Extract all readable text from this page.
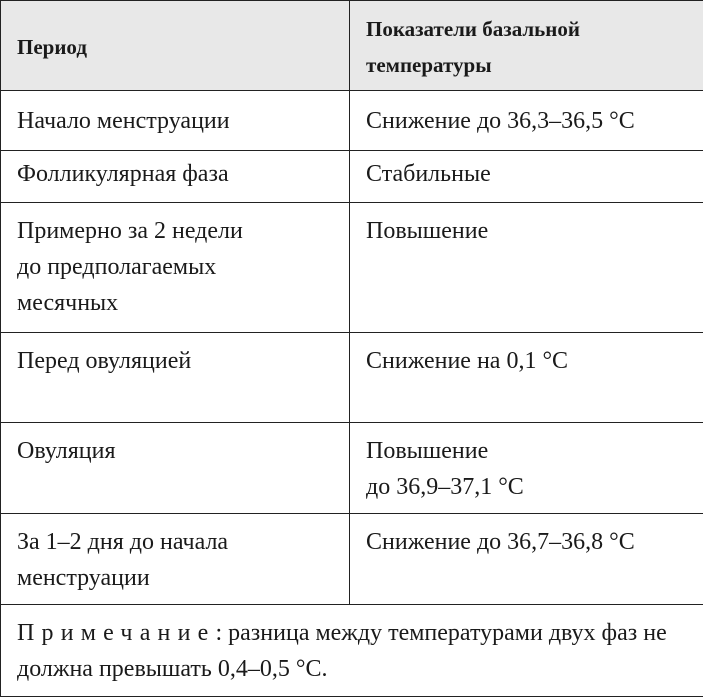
Период	Показатели базальной
температуры

Начало менструации	Снижение до 36,3–36,5 °С

Фолликулярная фаза	Стабильные

Примерно за 2 недели
до предполагаемых
месячных	Повышение

Перед овуляцией	Снижение на 0,1 °С

Овуляция	Повышение
до 36,9–37,1 °С

За 1–2 дня до начала
менструации	Снижение до 36,7–36,8 °С

Примечание: разница между температурами двух фаз не должна превышать 0,4–0,5 °С.	
